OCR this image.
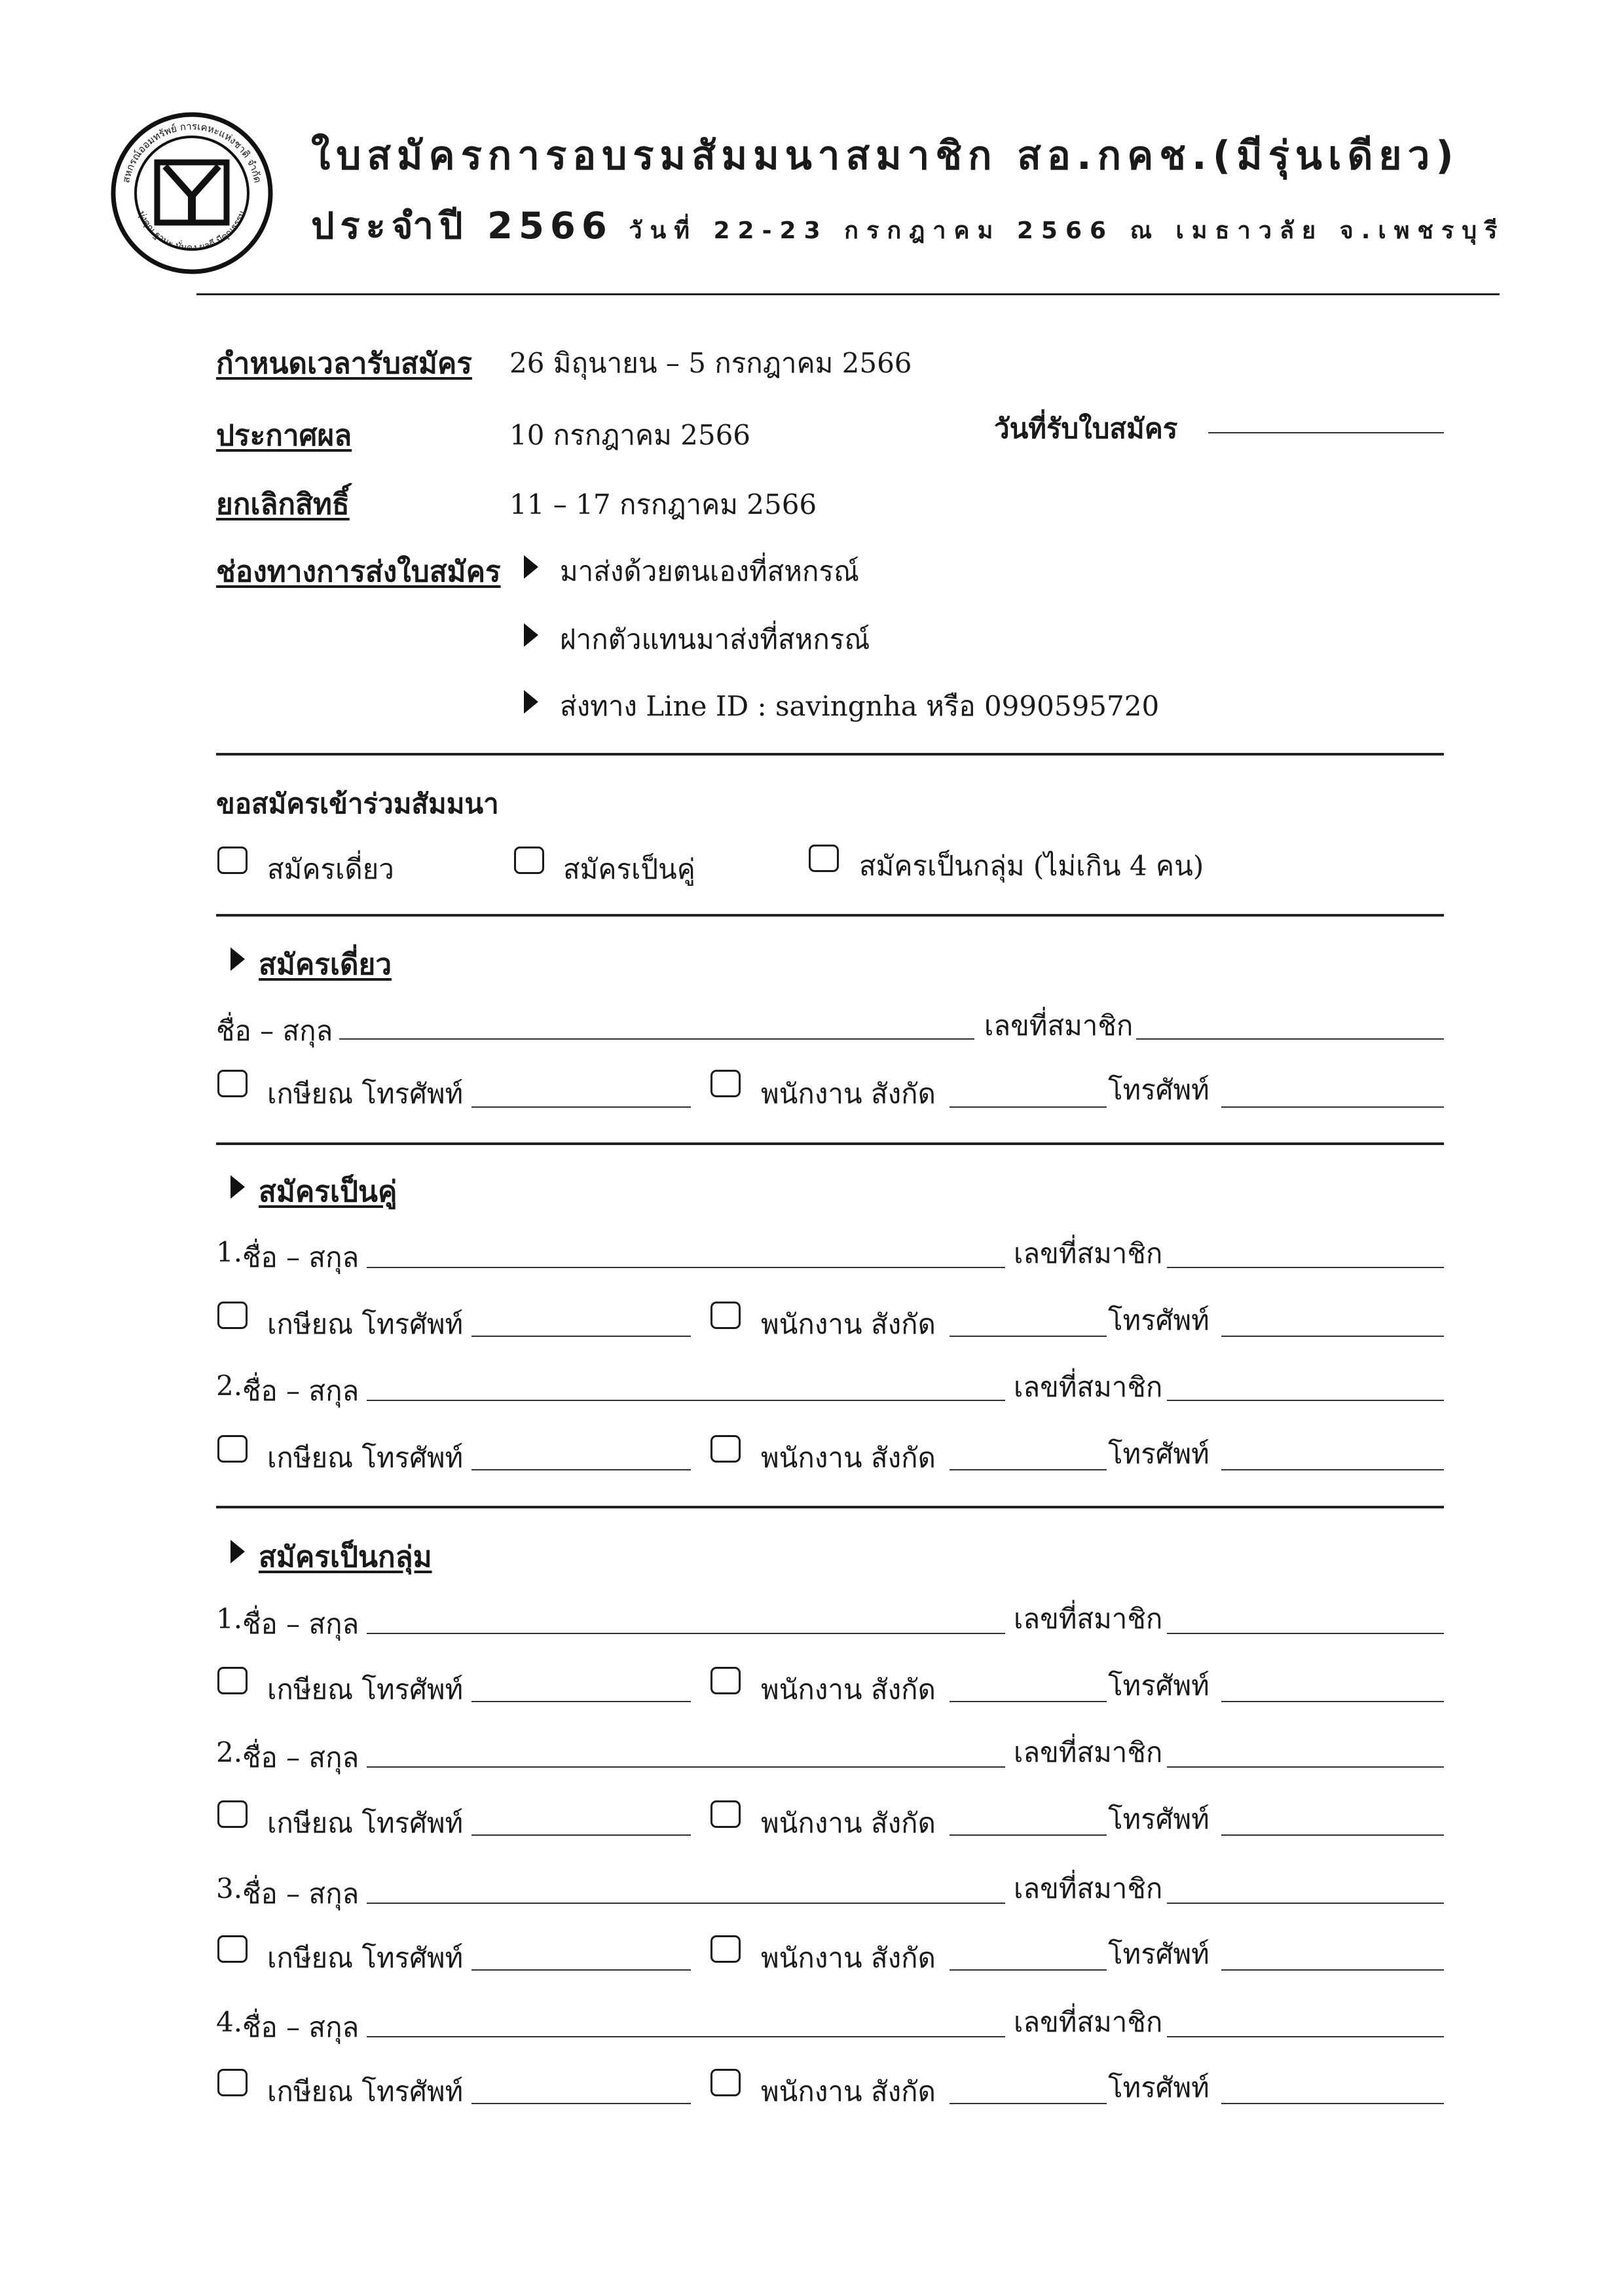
สหกรณ์ออมทรัพย์ การเคหะแห่งชาติ จำกัด
มุ่งคุณ ฐานะ มั่นคง ผลดี มีคุณธรรม
ใบสมัครการอบรมสัมมนาสมาชิก สอ.กคช.(มีรุ่นเดียว)
ประจำปี 2566 วันที่ 22-23 กรกฎาคม 2566 ณ เมธาวลัย จ.เพชรบุรี
กำหนดเวลารับสมัคร 26 มิถุนายน – 5 กรกฎาคม 2566
ประกาศผล	10 กรกฎาคม 2566	วันที่รับใบสมัคร
ยกเลิกสิทธิ์	11 – 17 กรกฎาคม 2566
ช่องทางการส่งใบสมัคร มาส่งด้วยตนเองที่สหกรณ์
ฝากตัวแทนมาส่งที่สหกรณ์
ส่งทาง Line ID : savingnha หรือ 0990595720
ขอสมัครเข้าร่วมสัมมนา
สมัครเดี่ยว	สมัครเป็นคู่	สมัครเป็นกลุ่ม (ไม่เกิน 4 คน)
สมัครเดี่ยว
ชื่อ – สกุล	เลขที่สมาชิก
เกษียณ โทรศัพท์	พนักงาน สังกัด	โทรศัพท์
สมัครเป็นคู่
1. ชื่อ – สกุล	เลขที่สมาชิก
เกษียณ โทรศัพท์	พนักงาน สังกัด	โทรศัพท์
2. ชื่อ – สกุล	เลขที่สมาชิก
เกษียณ โทรศัพท์	พนักงาน สังกัด	โทรศัพท์
สมัครเป็นกลุ่ม
1. ชื่อ – สกุล	เลขที่สมาชิก
เกษียณ โทรศัพท์	พนักงาน สังกัด	โทรศัพท์
2. ชื่อ – สกุล	เลขที่สมาชิก
เกษียณ โทรศัพท์	พนักงาน สังกัด	โทรศัพท์
3. ชื่อ – สกุล	เลขที่สมาชิก
เกษียณ โทรศัพท์	พนักงาน สังกัด	โทรศัพท์
4. ชื่อ – สกุล	เลขที่สมาชิก
เกษียณ โทรศัพท์	พนักงาน สังกัด	โทรศัพท์
